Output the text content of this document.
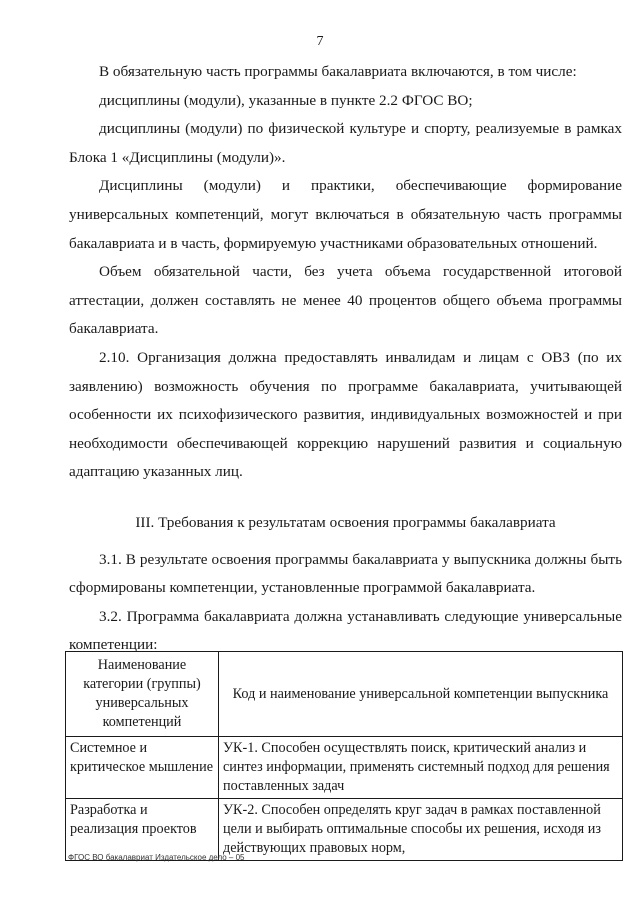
7

В обязательную часть программы бакалавриата включаются, в том числе:

дисциплины (модули), указанные в пункте 2.2 ФГОС ВО;

дисциплины (модули) по физической культуре и спорту, реализуемые в рамках Блока 1 «Дисциплины (модули)».

Дисциплины (модули) и практики, обеспечивающие формирование универсальных компетенций, могут включаться в обязательную часть программы бакалавриата и в часть, формируемую участниками образовательных отношений.

Объем обязательной части, без учета объема государственной итоговой аттестации, должен составлять не менее 40 процентов общего объема программы бакалавриата.

2.10. Организация должна предоставлять инвалидам и лицам с ОВЗ (по их заявлению) возможность обучения по программе бакалавриата, учитывающей особенности их психофизического развития, индивидуальных возможностей и при необходимости обеспечивающей коррекцию нарушений развития и социальную адаптацию указанных лиц.

III. Требования к результатам освоения программы бакалавриата

3.1. В результате освоения программы бакалавриата у выпускника должны быть сформированы компетенции, установленные программой бакалавриата.

3.2. Программа бакалавриата должна устанавливать следующие универсальные компетенции:

Наименование категории (группы) универсальных компетенций	Код и наименование универсальной компетенции выпускника
Системное и критическое мышление	УК-1. Способен осуществлять поиск, критический анализ и синтез информации, применять системный подход для решения поставленных задач
Разработка и реализация проектов	УК-2. Способен определять круг задач в рамках поставленной цели и выбирать оптимальные способы их решения, исходя из действующих правовых норм,
ФГОС ВО бакалавриат Издательское дело – 05
